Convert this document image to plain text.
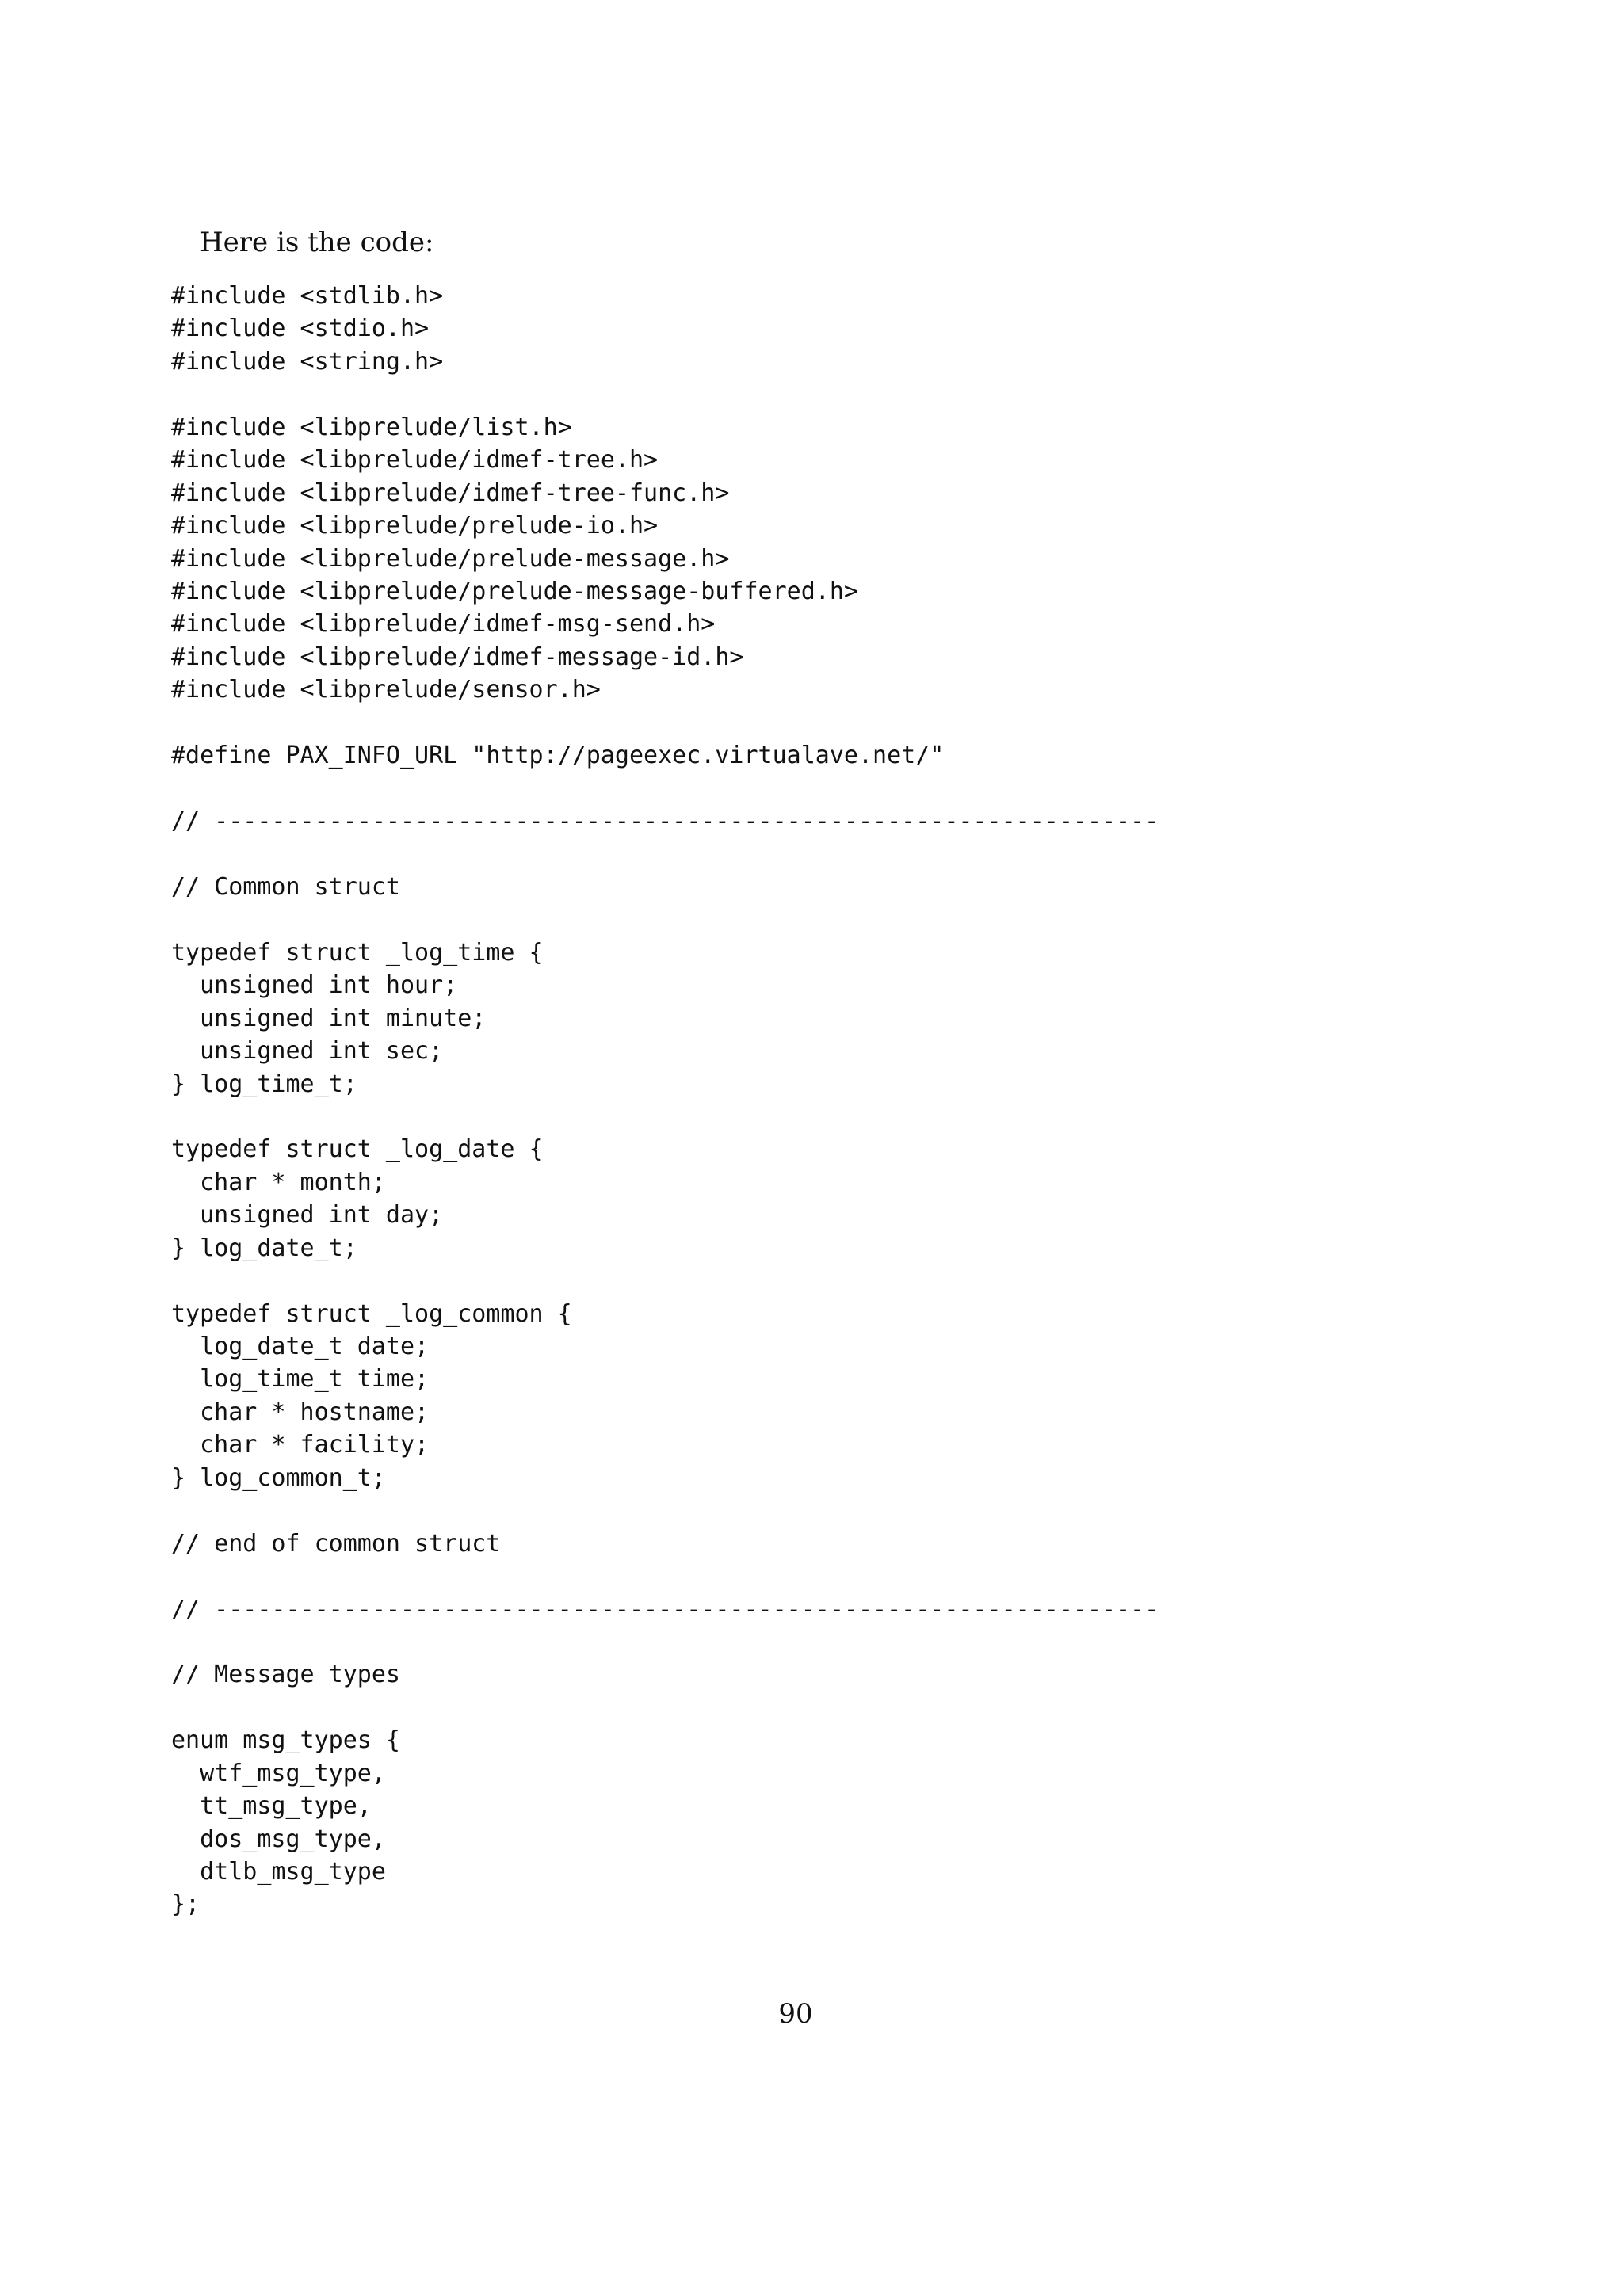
Here is the code:
#include <stdlib.h>
#include <stdio.h>
#include <string.h>
#include <libprelude/list.h>
#include <libprelude/idmef-tree.h>
#include <libprelude/idmef-tree-func.h>
#include <libprelude/prelude-io.h>
#include <libprelude/prelude-message.h>
#include <libprelude/prelude-message-buffered.h>
#include <libprelude/idmef-msg-send.h>
#include <libprelude/idmef-message-id.h>
#include <libprelude/sensor.h>
#define PAX_INFO_URL "http://pageexec.virtualave.net/"
// ------------------------------------------------------------------
// Common struct
typedef struct _log_time {
unsigned int hour;
unsigned int minute;
unsigned int sec;
} log_time_t;
typedef struct _log_date {
char * month;
unsigned int day;
} log_date_t;
typedef struct _log_common {
log_date_t date;
log_time_t time;
char * hostname;
char * facility;
} log_common_t;
// end of common struct
// ------------------------------------------------------------------
// Message types
enum msg_types {
wtf_msg_type,
tt_msg_type,
dos_msg_type,
dtlb_msg_type
};
90
